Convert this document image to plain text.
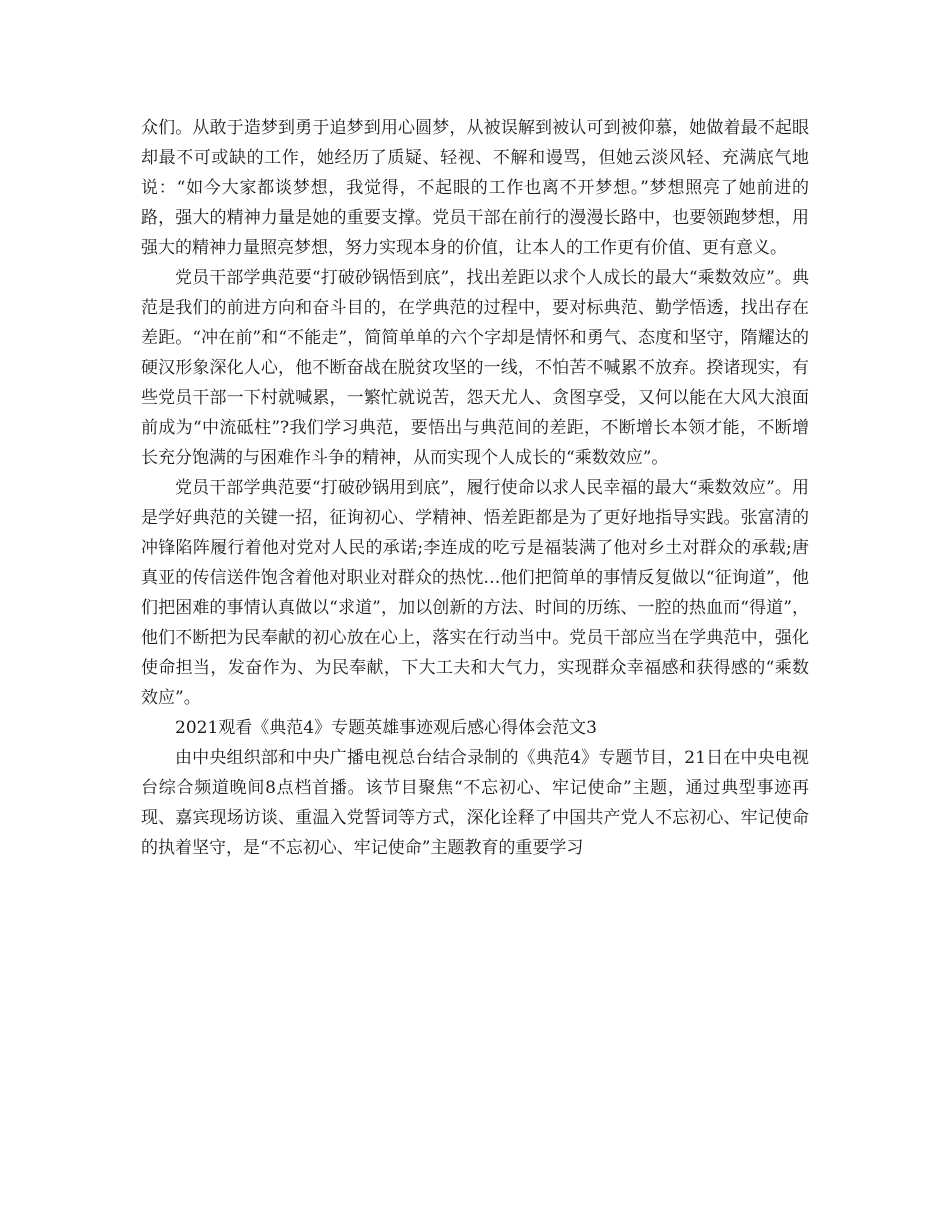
众们。从敢于造梦到勇于追梦到用心圆梦，从被误解到被认可到被仰慕，她做着最不起眼却最不可或缺的工作，她经历了质疑、轻视、不解和谩骂，但她云淡风轻、充满底气地说：“如今大家都谈梦想，我觉得，不起眼的工作也离不开梦想。”梦想照亮了她前进的路，强大的精神力量是她的重要支撑。党员干部在前行的漫漫长路中，也要领跑梦想，用强大的精神力量照亮梦想，努力实现本身的价值，让本人的工作更有价值、更有意义。

党员干部学典范要“打破砂锅悟到底”，找出差距以求个人成长的最大“乘数效应”。典范是我们的前进方向和奋斗目的，在学典范的过程中，要对标典范、勤学悟透，找出存在差距。“冲在前”和“不能走”，简简单单的六个字却是情怀和勇气、态度和坚守，隋耀达的硬汉形象深化人心，他不断奋战在脱贫攻坚的一线，不怕苦不喊累不放弃。揆诸现实，有些党员干部一下村就喊累，一繁忙就说苦，怨天尤人、贪图享受，又何以能在大风大浪面前成为“中流砥柱”?我们学习典范，要悟出与典范间的差距，不断增长本领才能，不断增长充分饱满的与困难作斗争的精神，从而实现个人成长的“乘数效应”。

党员干部学典范要“打破砂锅用到底”，履行使命以求人民幸福的最大“乘数效应”。用是学好典范的关键一招，征询初心、学精神、悟差距都是为了更好地指导实践。张富清的冲锋陷阵履行着他对党对人民的承诺;李连成的吃亏是福装满了他对乡土对群众的承载;唐真亚的传信送件饱含着他对职业对群众的热忱…他们把简单的事情反复做以“征询道”，他们把困难的事情认真做以“求道”，加以创新的方法、时间的历练、一腔的热血而“得道”，他们不断把为民奉献的初心放在心上，落实在行动当中。党员干部应当在学典范中，强化使命担当，发奋作为、为民奉献，下大工夫和大气力，实现群众幸福感和获得感的“乘数效应”。

2021观看《典范4》专题英雄事迹观后感心得体会范文3

由中央组织部和中央广播电视总台结合录制的《典范4》专题节目，21日在中央电视台综合频道晚间8点档首播。该节目聚焦“不忘初心、牢记使命”主题，通过典型事迹再现、嘉宾现场访谈、重温入党誓词等方式，深化诠释了中国共产党人不忘初心、牢记使命的执着坚守，是“不忘初心、牢记使命”主题教育的重要学习
